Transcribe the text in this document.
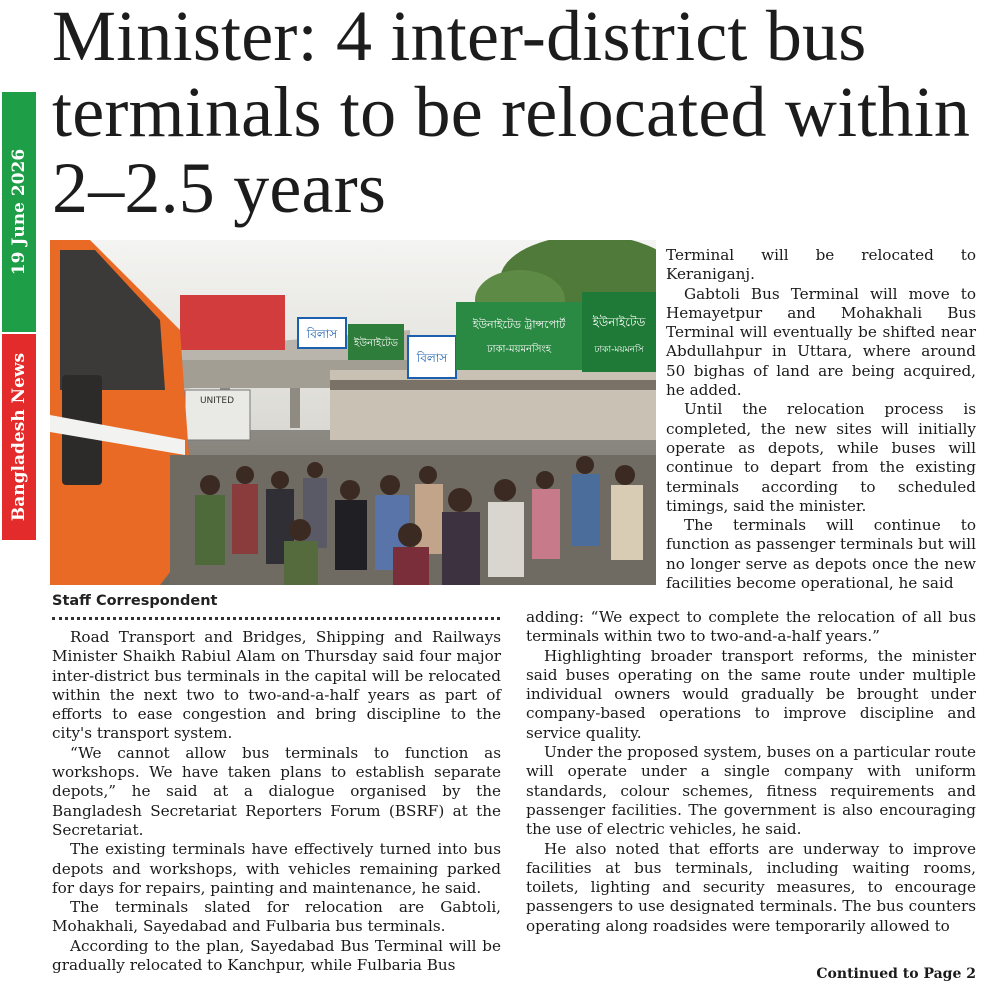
Minister: 4 inter-district bus terminals to be relocated within 2–2.5 years
19 June 2026
Bangladesh News
বিলাস
ইউনাইটেড
বিলাস
ইউনাইটেড ট্রান্সপোর্ট
ঢাকা-ময়মনসিংহ
ইউনাইটেড
ঢাকা-ময়মনসি
UNITED
Staff Correspondent

Road Transport and Bridges, Shipping and Railways Minister Shaikh Rabiul Alam on Thursday said four major inter-district bus terminals in the capital will be relocated within the next two to two-and-a-half years as part of efforts to ease congestion and bring discipline to the city's transport system.

“We cannot allow bus terminals to function as workshops. We have taken plans to establish separate depots,” he said at a dialogue organised by the Bangladesh Secretariat Reporters Forum (BSRF) at the Secretariat.

The existing terminals have effectively turned into bus depots and workshops, with vehicles remaining parked for days for repairs, painting and maintenance, he said.

The terminals slated for relocation are Gabtoli, Mohakhali, Sayedabad and Fulbaria bus terminals.

According to the plan, Sayedabad Bus Terminal will be gradually relocated to Kanchpur, while Fulbaria Bus

Terminal will be relocated to Keraniganj.

Gabtoli Bus Terminal will move to Hemayetpur and Mohakhali Bus Terminal will eventually be shifted near Abdullahpur in Uttara, where around 50 bighas of land are being acquired, he added.

Until the relocation process is completed, the new sites will initially operate as depots, while buses will continue to depart from the existing terminals according to scheduled timings, said the minister.

The terminals will continue to function as passenger terminals but will no longer serve as depots once the new facilities become operational, he said

adding: “We expect to complete the relocation of all bus terminals within two to two-and-a-half years.”

Highlighting broader transport reforms, the minister said buses operating on the same route under multiple individual owners would gradually be brought under company-based operations to improve discipline and service quality.

Under the proposed system, buses on a particular route will operate under a single company with uniform standards, colour schemes, fitness requirements and passenger facilities. The government is also encouraging the use of electric vehicles, he said.

He also noted that efforts are underway to improve facilities at bus terminals, including waiting rooms, toilets, lighting and security measures, to encourage passengers to use designated terminals. The bus counters operating along roadsides were temporarily allowed to

Continued to Page 2
